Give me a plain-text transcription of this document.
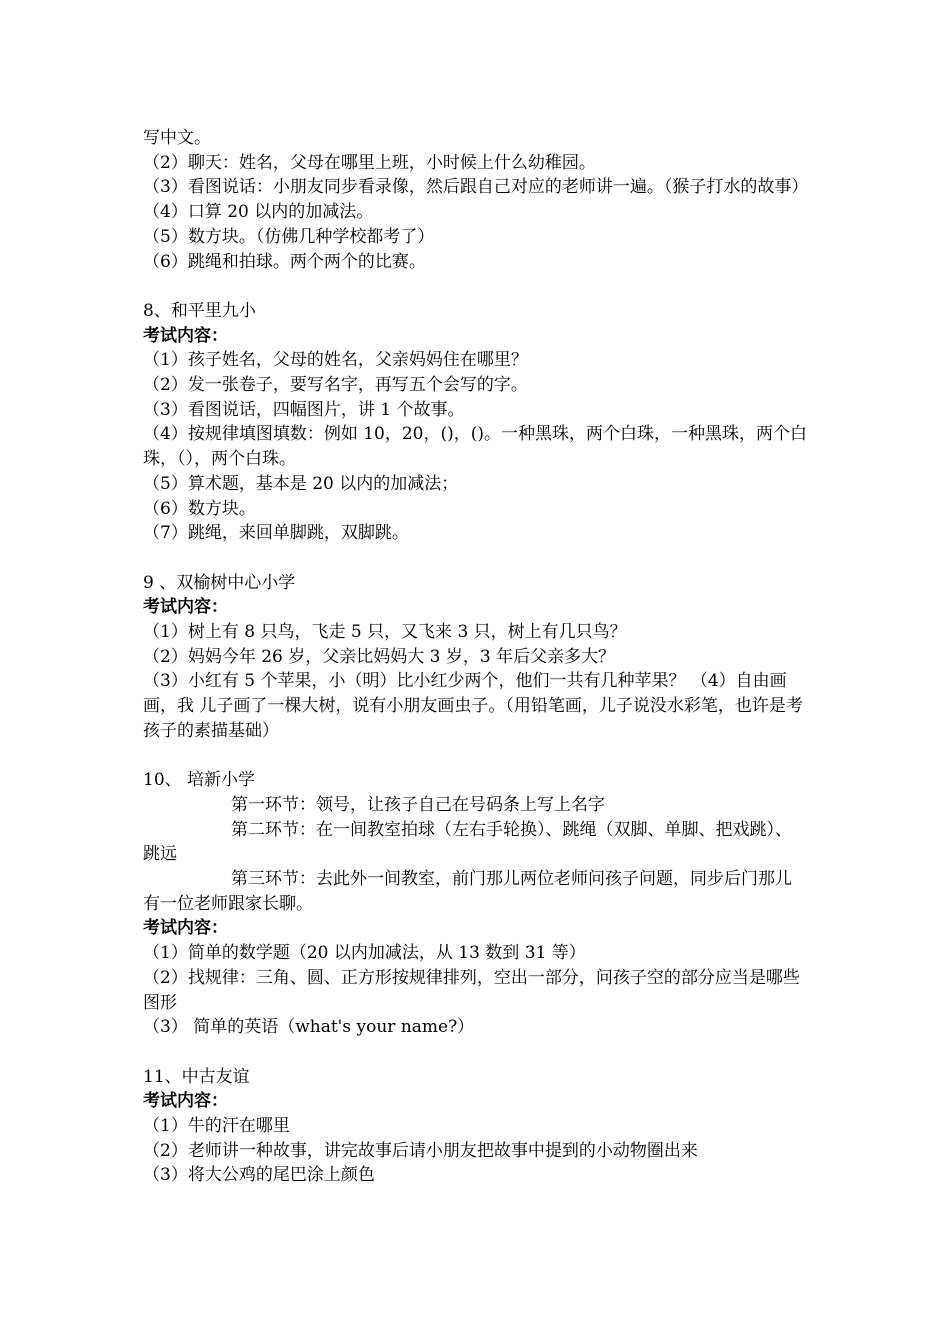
写中文。

（2）聊天：姓名，父母在哪里上班，小时候上什么幼稚园。

（3）看图说话：小朋友同步看录像，然后跟自己对应的老师讲一遍。（猴子打水的故事）

（4）口算 20 以内的加减法。

（5）数方块。（仿佛几种学校都考了）

（6）跳绳和拍球。两个两个的比赛。

8、和平里九小

考试内容：

（1）孩子姓名，父母的姓名，父亲妈妈住在哪里？

（2）发一张卷子，要写名字，再写五个会写的字。

（3）看图说话，四幅图片，讲 1 个故事。

（4）按规律填图填数：例如 10，20，()，()。一种黑珠，两个白珠，一种黑珠，两个白珠，（），两个白珠。

（5）算术题，基本是 20 以内的加减法；

（6）数方块。

（7）跳绳，来回单脚跳，双脚跳。

9 、双榆树中心小学

考试内容：

（1）树上有 8 只鸟，飞走 5 只，又飞来 3 只，树上有几只鸟？

（2）妈妈今年 26 岁，父亲比妈妈大 3 岁，3 年后父亲多大？

（3）小红有 5 个苹果，小（明）比小红少两个，他们一共有几种苹果？ （4）自由画画，我 儿子画了一棵大树，说有小朋友画虫子。（用铅笔画，儿子说没水彩笔，也许是考孩子的素描基础）

10、 培新小学

第一环节：领号，让孩子自己在号码条上写上名字

第二环节：在一间教室拍球（左右手轮换）、跳绳（双脚、单脚、把戏跳）、跳远

第三环节：去此外一间教室，前门那儿两位老师问孩子问题，同步后门那儿有一位老师跟家长聊。

考试内容：

（1）简单的数学题（20 以内加减法，从 13 数到 31 等）

（2）找规律：三角、圆、正方形按规律排列，空出一部分，问孩子空的部分应当是哪些图形

（3） 简单的英语（what's your name?）

11、中古友谊

考试内容：

（1）牛的汗在哪里

（2）老师讲一种故事，讲完故事后请小朋友把故事中提到的小动物圈出来

（3）将大公鸡的尾巴涂上颜色
